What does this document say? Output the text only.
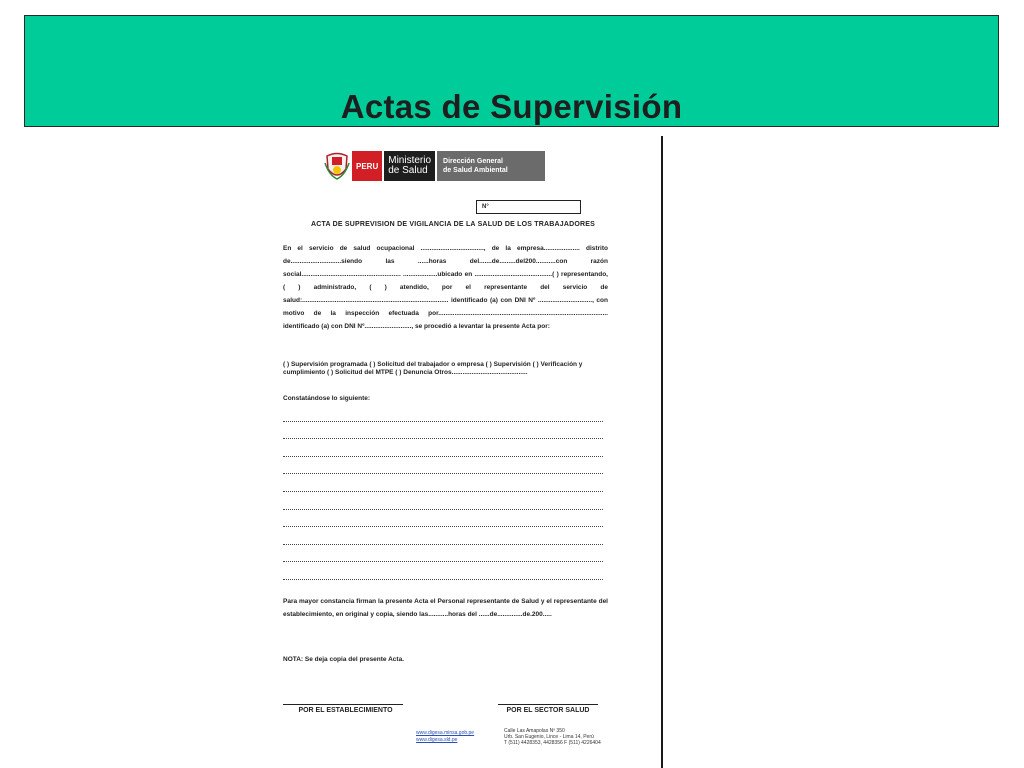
Actas de Supervisión
PERU	Ministerio
de Salud
Dirección General
de Salud Ambiental
N°
ACTA DE SUPREVISION DE VIGILANCIA DE LA SALUD DE LOS TRABAJADORES
En el servicio de salud ocupacional ..................................., de la empresa.................... distrito de............................siendo las ......horas del.......de.........del200...........con razón social....................................................... ...................ubicado en ...........................................( ) representando, ( ) administrado, ( ) atendido, por el representante del servicio de salud:................................................................................. identificado (a) con DNI Nº .............................., con motivo de la inspección efectuada por.............................................................................................. identificado (a) con DNI Nº.........................., se procedió a levantar la presente Acta por:
( ) Supervisión programada ( ) Solicitud del trabajador o empresa ( ) Supervisión ( ) Verificación y cumplimiento ( ) Solicitud del MTPE ( ) Denuncia Otros..........................................
Constatándose lo siguiente:
Para mayor constancia firman la presente Acta el Personal representante de Salud y el representante del establecimiento, en original y copia, siendo las...........horas del ......de..............de.200.....
NOTA: Se deja copia del presente Acta.
POR EL ESTABLECIMIENTO	POR EL SECTOR SALUD
www.digesa.minsa.gob.pe
www.digesa.sld.pe
Calle Las Amapolas Nº 350
Urb. San Eugenio, Lince - Lima 14, Perú
T (511) 4428353, 4428356 F (511) 4226404
